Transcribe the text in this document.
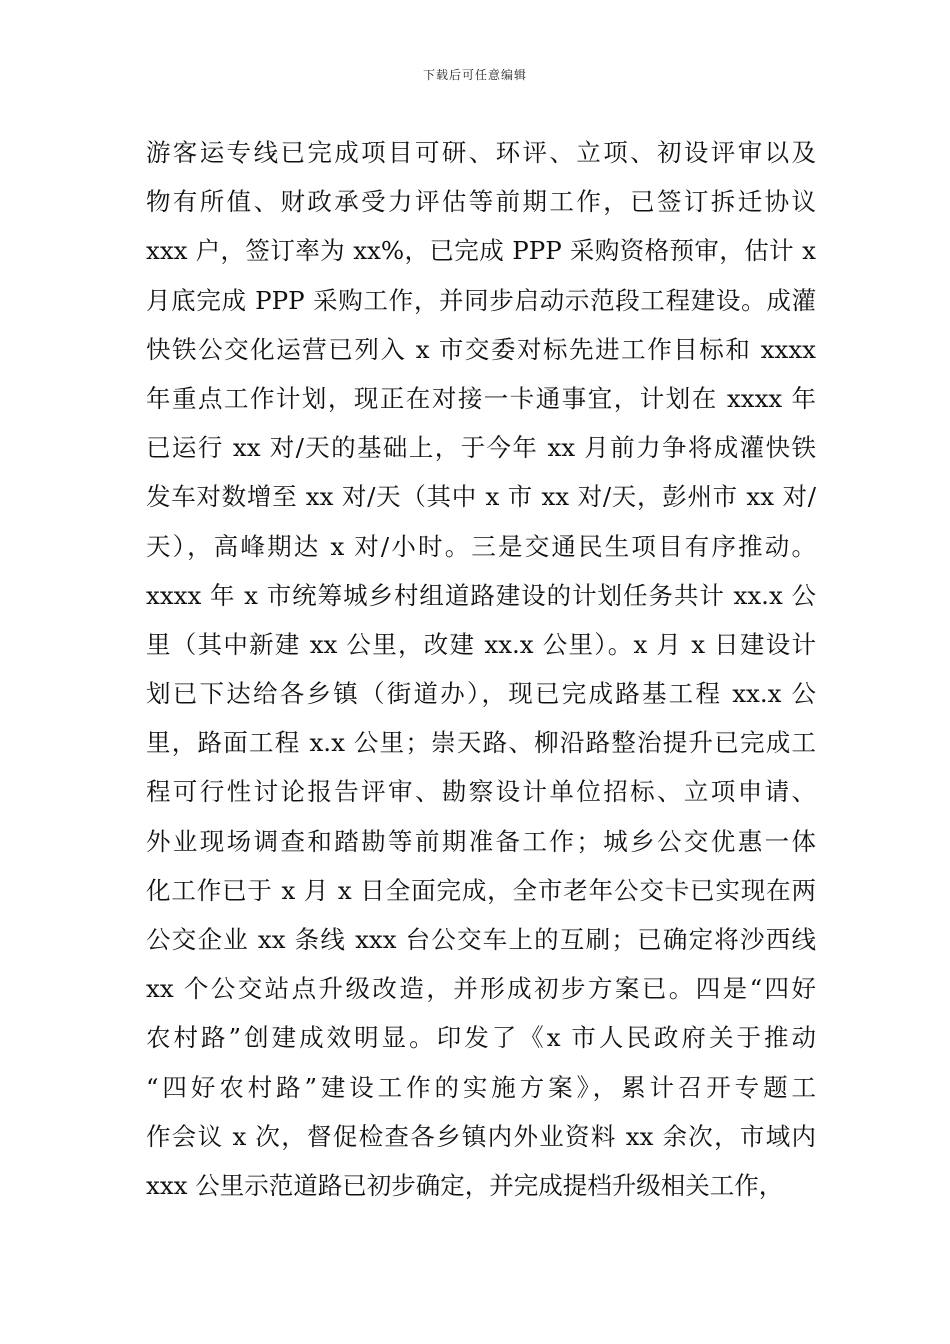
下载后可任意编辑
游客运专线已完成项目可研、环评、立项、初设评审以及
物有所值、财政承受力评估等前期工作，已签订拆迁协议
xxx 户，签订率为 xx%，已完成 PPP 采购资格预审，估计 x
月底完成 PPP 采购工作，并同步启动示范段工程建设。成灌
快铁公交化运营已列入 x 市交委对标先进工作目标和 xxxx
年重点工作计划，现正在对接一卡通事宜，计划在 xxxx 年
已运行 xx 对/天的基础上，于今年 xx 月前力争将成灌快铁
发车对数增至 xx 对/天（其中 x 市 xx 对/天，彭州市 xx 对/
天），高峰期达 x 对/小时。三是交通民生项目有序推动。
xxxx 年 x 市统筹城乡村组道路建设的计划任务共计 xx.x 公
里（其中新建 xx 公里，改建 xx.x 公里）。x 月 x 日建设计
划已下达给各乡镇（街道办），现已完成路基工程 xx.x 公
里，路面工程 x.x 公里；崇天路、柳沿路整治提升已完成工
程可行性讨论报告评审、勘察设计单位招标、立项申请、
外业现场调查和踏勘等前期准备工作；城乡公交优惠一体
化工作已于 x 月 x 日全面完成，全市老年公交卡已实现在两
公交企业 xx 条线 xxx 台公交车上的互刷；已确定将沙西线
xx 个公交站点升级改造，并形成初步方案已。四是“四好
农村路”创建成效明显。印发了《x 市人民政府关于推动
“四好农村路”建设工作的实施方案》，累计召开专题工
作会议 x 次，督促检查各乡镇内外业资料 xx 余次，市域内
xxx 公里示范道路已初步确定，并完成提档升级相关工作，
